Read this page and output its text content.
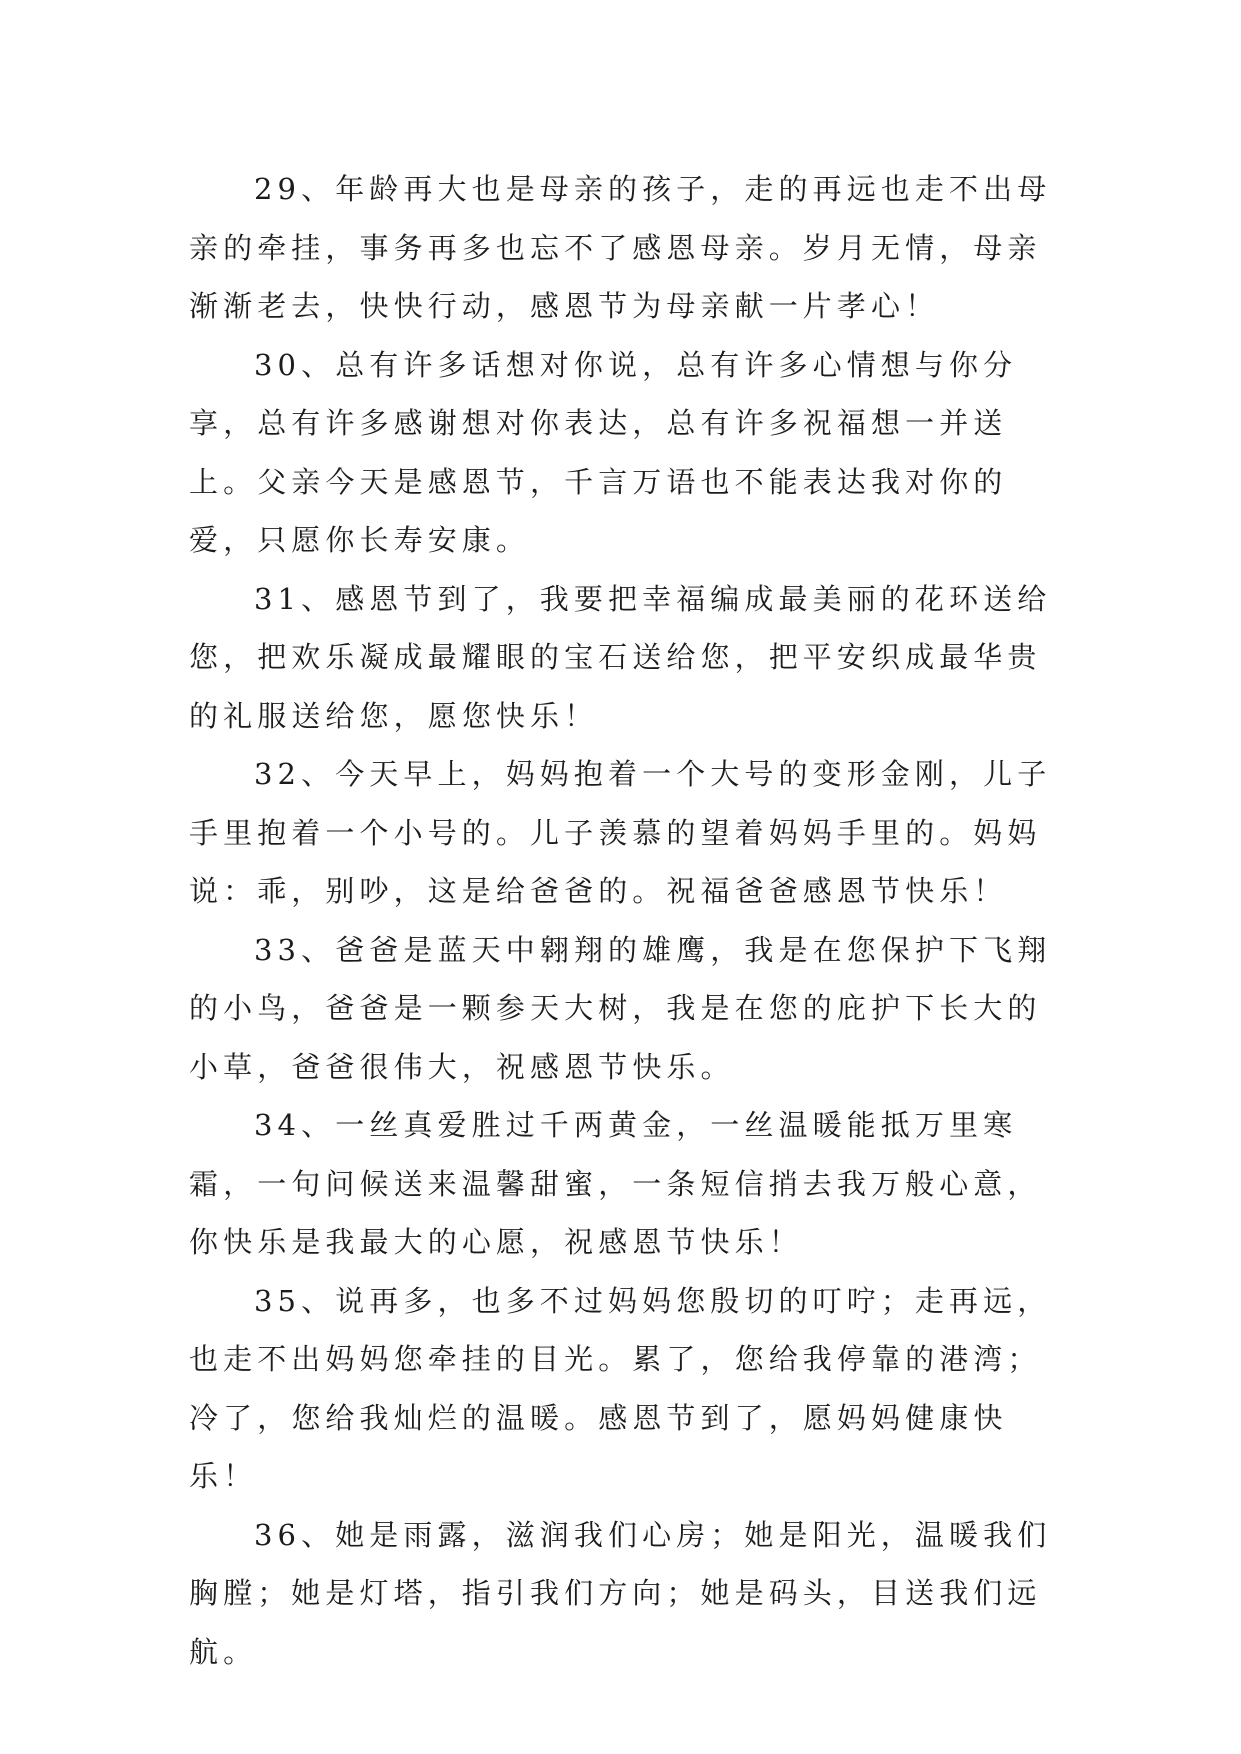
29、年龄再大也是母亲的孩子，走的再远也走不出母亲的牵挂，事务再多也忘不了感恩母亲。岁月无情，母亲渐渐老去，快快行动，感恩节为母亲献一片孝心！

30、总有许多话想对你说，总有许多心情想与你分享，总有许多感谢想对你表达，总有许多祝福想一并送上。父亲今天是感恩节，千言万语也不能表达我对你的爱，只愿你长寿安康。

31、感恩节到了，我要把幸福编成最美丽的花环送给您，把欢乐凝成最耀眼的宝石送给您，把平安织成最华贵的礼服送给您，愿您快乐！

32、今天早上，妈妈抱着一个大号的变形金刚，儿子手里抱着一个小号的。儿子羡慕的望着妈妈手里的。妈妈说：乖，别吵，这是给爸爸的。祝福爸爸感恩节快乐！

33、爸爸是蓝天中翱翔的雄鹰，我是在您保护下飞翔的小鸟，爸爸是一颗参天大树，我是在您的庇护下长大的小草，爸爸很伟大，祝感恩节快乐。

34、一丝真爱胜过千两黄金，一丝温暖能抵万里寒霜，一句问候送来温馨甜蜜，一条短信捎去我万般心意，你快乐是我最大的心愿，祝感恩节快乐！

35、说再多，也多不过妈妈您殷切的叮咛；走再远，也走不出妈妈您牵挂的目光。累了，您给我停靠的港湾；冷了，您给我灿烂的温暖。感恩节到了，愿妈妈健康快乐！

36、她是雨露，滋润我们心房；她是阳光，温暖我们胸膛；她是灯塔，指引我们方向；她是码头，目送我们远航。
